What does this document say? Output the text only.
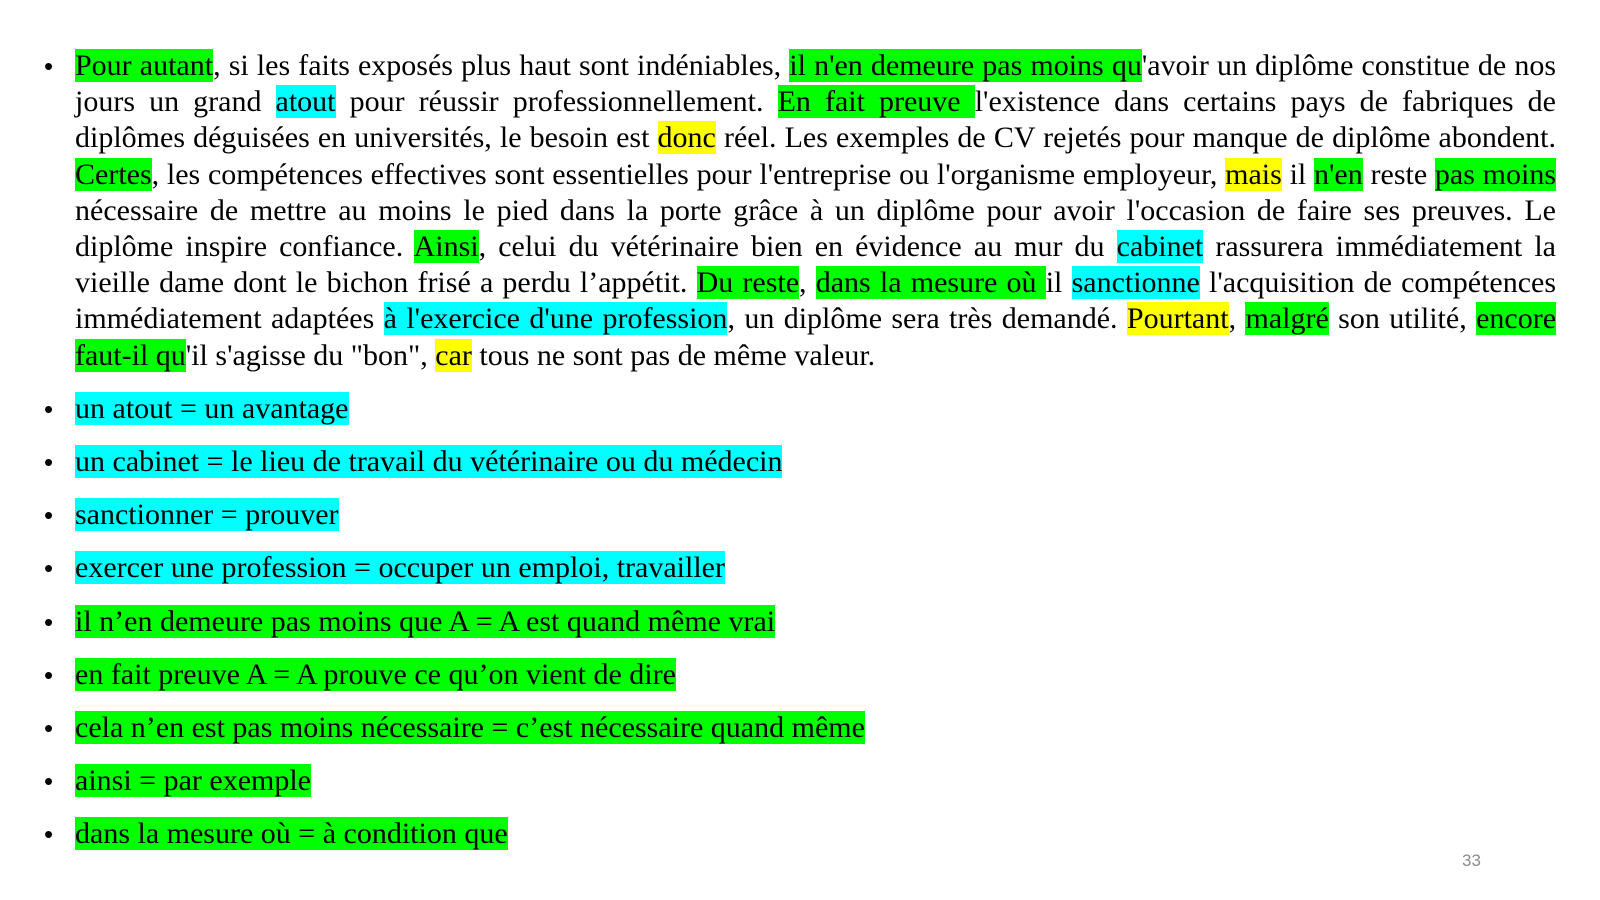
• Pour autant, si les faits exposés plus haut sont indéniables, il n'en demeure pas moins qu'avoir un diplôme constitue de nos jours un grand atout pour réussir professionnellement. En fait preuve l'existence dans certains pays de fabriques de diplômes déguisées en universités, le besoin est donc réel. Les exemples de CV rejetés pour manque de diplôme abondent. Certes, les compétences effectives sont essentielles pour l'entreprise ou l'organisme employeur, mais il n'en reste pas moins nécessaire de mettre au moins le pied dans la porte grâce à un diplôme pour avoir l'occasion de faire ses preuves. Le diplôme inspire confiance. Ainsi, celui du vétérinaire bien en évidence au mur du cabinet rassurera immédiatement la vieille dame dont le bichon frisé a perdu l’appétit. Du reste, dans la mesure où il sanctionne l'acquisition de compétences immédiatement adaptées à l'exercice d'une profession, un diplôme sera très demandé. Pourtant, malgré son utilité, encore faut-il qu'il s'agisse du "bon", car tous ne sont pas de même valeur.
• un atout = un avantage
• un cabinet = le lieu de travail du vétérinaire ou du médecin
• sanctionner = prouver
• exercer une profession = occuper un emploi, travailler
• il n’en demeure pas moins que A = A est quand même vrai
• en fait preuve A = A prouve ce qu’on vient de dire
• cela n’en est pas moins nécessaire = c’est nécessaire quand même
• ainsi = par exemple
• dans la mesure où = à condition que
33
